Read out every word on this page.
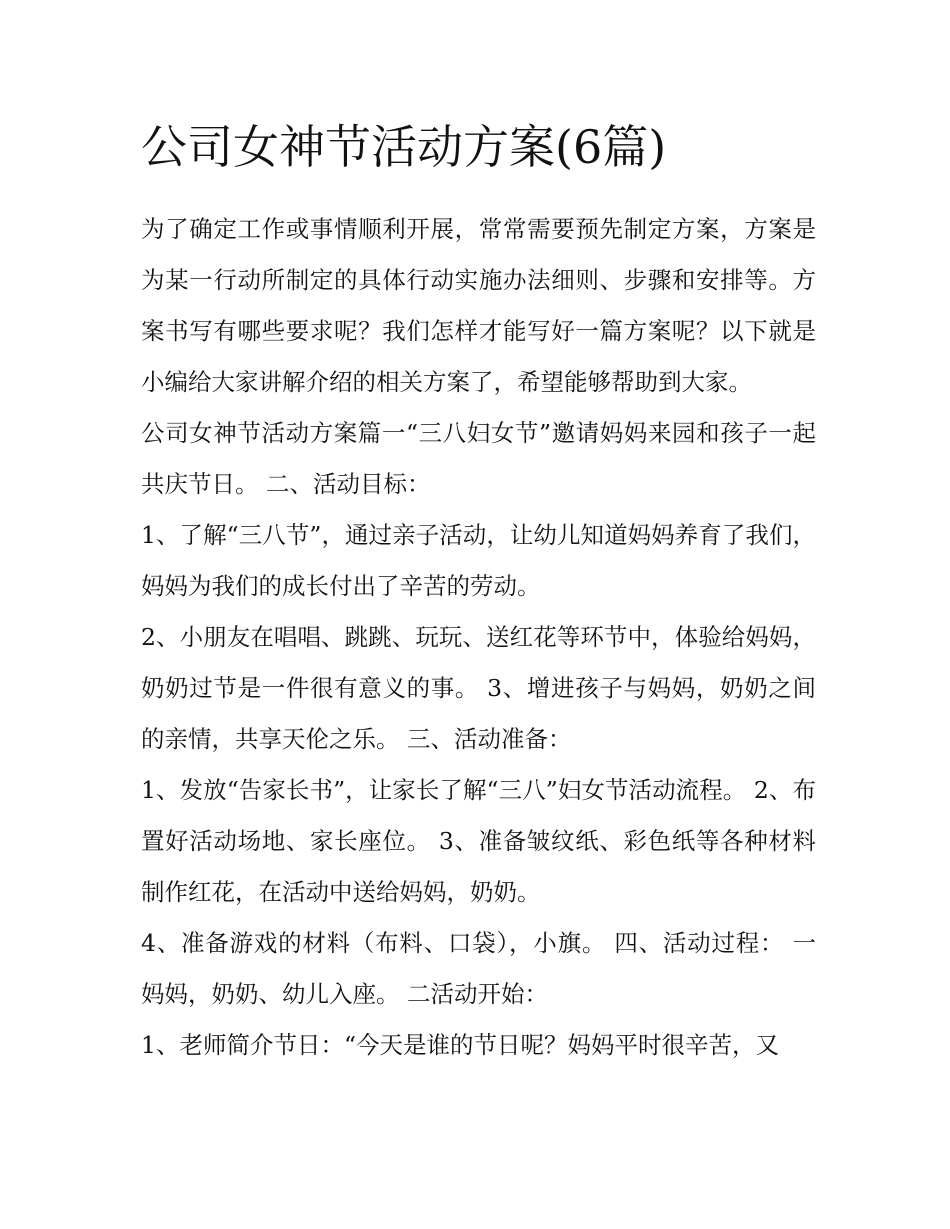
公司女神节活动方案(6篇)

为了确定工作或事情顺利开展，常常需要预先制定方案，方案是为某一行动所制定的具体行动实施办法细则、步骤和安排等。方案书写有哪些要求呢？我们怎样才能写好一篇方案呢？以下就是小编给大家讲解介绍的相关方案了，希望能够帮助到大家。

公司女神节活动方案篇一“三八妇女节”邀请妈妈来园和孩子一起共庆节日。 二、活动目标：

1、了解“三八节”，通过亲子活动，让幼儿知道妈妈养育了我们，妈妈为我们的成长付出了辛苦的劳动。

2、小朋友在唱唱、跳跳、玩玩、送红花等环节中，体验给妈妈，奶奶过节是一件很有意义的事。 3、增进孩子与妈妈，奶奶之间的亲情，共享天伦之乐。 三、活动准备：

1、发放“告家长书”，让家长了解“三八”妇女节活动流程。 2、布置好活动场地、家长座位。 3、准备皱纹纸、彩色纸等各种材料制作红花，在活动中送给妈妈，奶奶。

4、准备游戏的材料（布料、口袋），小旗。 四、活动过程： 一妈妈，奶奶、幼儿入座。 二活动开始：

1、老师简介节日：“今天是谁的节日呢？妈妈平时很辛苦，又
